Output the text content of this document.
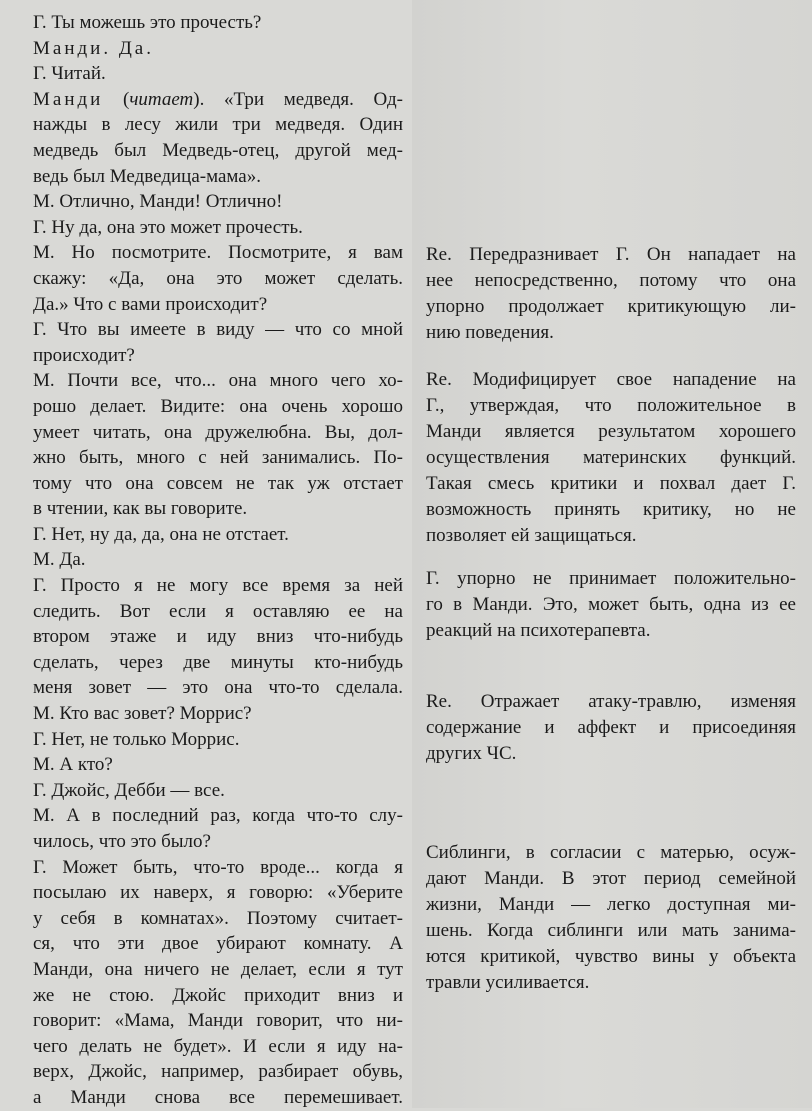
Г. Ты можешь это прочесть?
Манди. Да.
Г. Читай.
Манди (читает). «Три медведя. Од-
нажды в лесу жили три медведя. Один
медведь был Медведь-отец, другой мед-
ведь был Медведица-мама».
М. Отлично, Манди! Отлично!
Г. Ну да, она это может прочесть.
М. Но посмотрите. Посмотрите, я вам
скажу: «Да, она это может сделать.
Да.» Что с вами происходит?
Г. Что вы имеете в виду — что со мной
происходит?
М. Почти все, что... она много чего хо-
рошо делает. Видите: она очень хорошо
умеет читать, она дружелюбна. Вы, дол-
жно быть, много с ней занимались. По-
тому что она совсем не так уж отстает
в чтении, как вы говорите.
Г. Нет, ну да, да, она не отстает.
М. Да.
Г. Просто я не могу все время за ней
следить. Вот если я оставляю ее на
втором этаже и иду вниз что-нибудь
сделать, через две минуты кто-нибудь
меня зовет — это она что-то сделала.
М. Кто вас зовет? Моррис?
Г. Нет, не только Моррис.
М. А кто?
Г. Джойс, Дебби — все.
М. А в последний раз, когда что-то слу-
чилось, что это было?
Г. Может быть, что-то вроде... когда я
посылаю их наверх, я говорю: «Уберите
у себя в комнатах». Поэтому считает-
ся, что эти двое убирают комнату. А
Манди, она ничего не делает, если я тут
же не стою. Джойс приходит вниз и
говорит: «Мама, Манди говорит, что ни-
чего делать не будет». И если я иду на-
верх, Джойс, например, разбирает обувь,
а Манди снова все перемешивает.
Re. Передразнивает Г. Он нападает на
нее непосредственно, потому что она
упорно продолжает критикующую ли-
нию поведения.
Re. Модифицирует свое нападение на
Г., утверждая, что положительное в
Манди является результатом хорошего
осуществления материнских функций.
Такая смесь критики и похвал дает Г.
возможность принять критику, но не
позволяет ей защищаться.
Г. упорно не принимает положительно-
го в Манди. Это, может быть, одна из ее
реакций на психотерапевта.
Re. Отражает атаку-травлю, изменяя
содержание и аффект и присоединяя
других ЧС.
Сиблинги, в согласии с матерью, осуж-
дают Манди. В этот период семейной
жизни, Манди — легко доступная ми-
шень. Когда сиблинги или мать занима-
ются критикой, чувство вины у объекта
травли усиливается.
